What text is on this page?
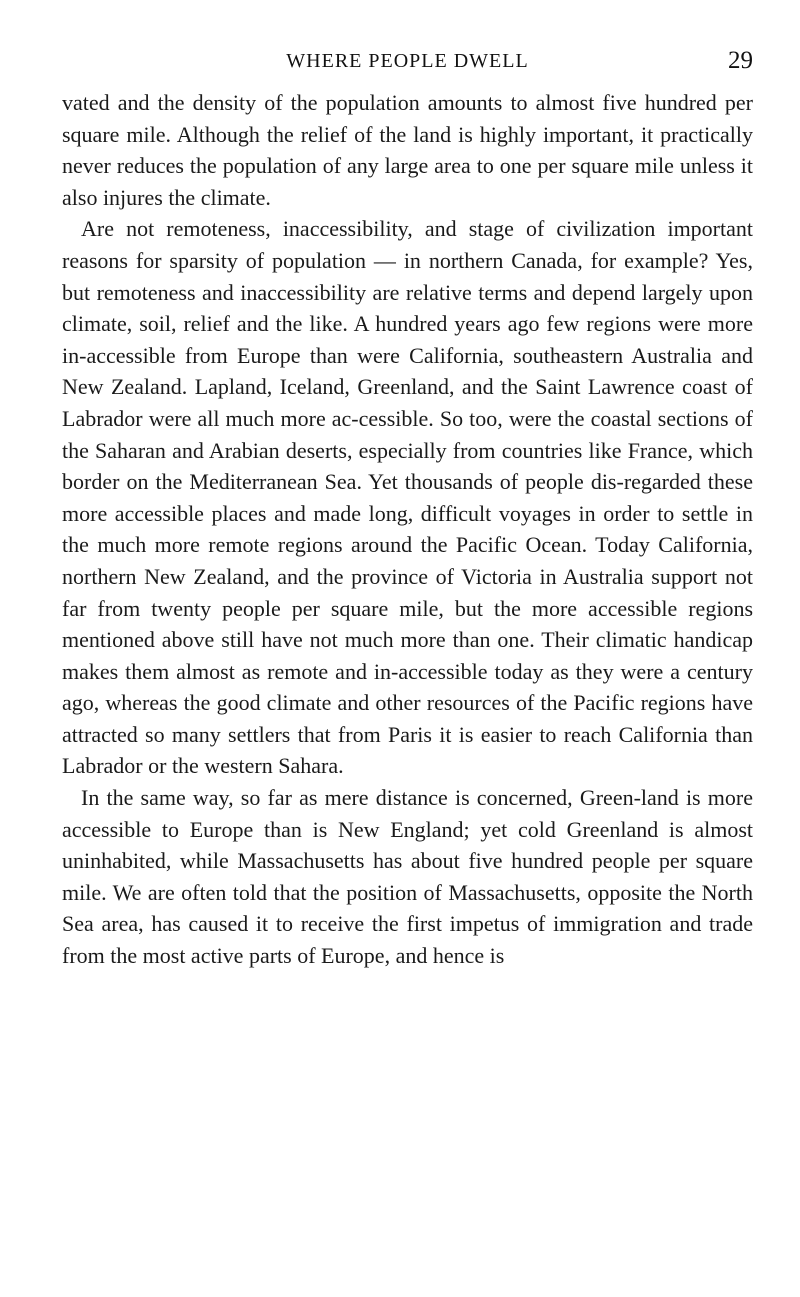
WHERE PEOPLE DWELL	29

vated and the density of the population amounts to almost five hundred per square mile. Although the relief of the land is highly important, it practically never reduces the population of any large area to one per square mile unless it also injures the climate.

Are not remoteness, inaccessibility, and stage of civilization important reasons for sparsity of population — in northern Canada, for example? Yes, but remoteness and inaccessibility are relative terms and depend largely upon climate, soil, relief and the like. A hundred years ago few regions were more in-accessible from Europe than were California, southeastern Australia and New Zealand. Lapland, Iceland, Greenland, and the Saint Lawrence coast of Labrador were all much more ac-cessible. So too, were the coastal sections of the Saharan and Arabian deserts, especially from countries like France, which border on the Mediterranean Sea. Yet thousands of people dis-regarded these more accessible places and made long, difficult voyages in order to settle in the much more remote regions around the Pacific Ocean. Today California, northern New Zealand, and the province of Victoria in Australia support not far from twenty people per square mile, but the more accessible regions mentioned above still have not much more than one. Their climatic handicap makes them almost as remote and in-accessible today as they were a century ago, whereas the good climate and other resources of the Pacific regions have attracted so many settlers that from Paris it is easier to reach California than Labrador or the western Sahara.

In the same way, so far as mere distance is concerned, Green-land is more accessible to Europe than is New England; yet cold Greenland is almost uninhabited, while Massachusetts has about five hundred people per square mile. We are often told that the position of Massachusetts, opposite the North Sea area, has caused it to receive the first impetus of immigration and trade from the most active parts of Europe, and hence is
